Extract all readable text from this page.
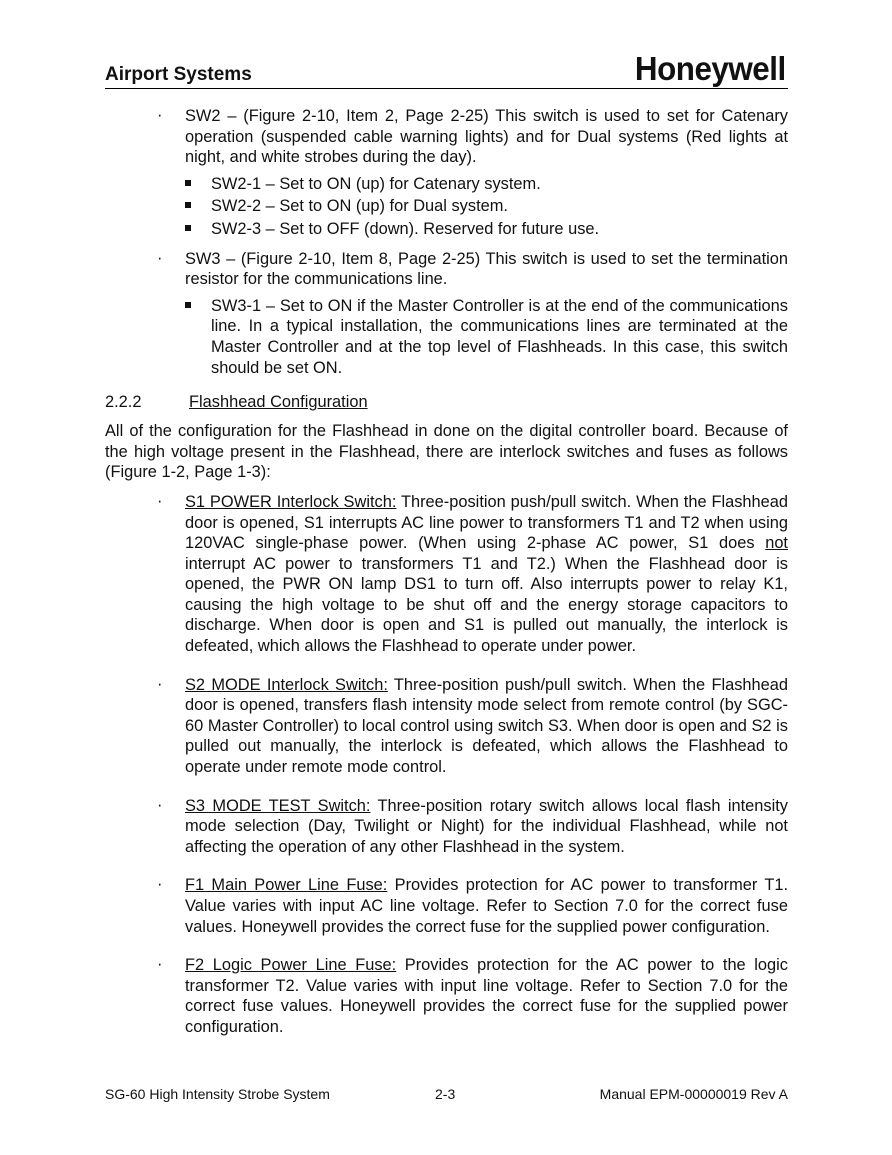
Airport Systems	Honeywell
· SW2 – (Figure 2-10, Item 2, Page 2-25) This switch is used to set for Catenary operation (suspended cable warning lights) and for Dual systems (Red lights at night, and white strobes during the day).
SW2-1 – Set to ON (up) for Catenary system.
SW2-2 – Set to ON (up) for Dual system.
SW2-3 – Set to OFF (down). Reserved for future use.
· SW3 – (Figure 2-10, Item 8, Page 2-25) This switch is used to set the termination resistor for the communications line.
SW3-1 – Set to ON if the Master Controller is at the end of the communications line. In a typical installation, the communications lines are terminated at the Master Controller and at the top level of Flashheads. In this case, this switch should be set ON.
2.2.2	Flashhead Configuration
All of the configuration for the Flashhead in done on the digital controller board. Because of the high voltage present in the Flashhead, there are interlock switches and fuses as follows (Figure 1-2, Page 1-3):
· S1 POWER Interlock Switch: Three-position push/pull switch. When the Flashhead door is opened, S1 interrupts AC line power to transformers T1 and T2 when using 120VAC single-phase power. (When using 2-phase AC power, S1 does not interrupt AC power to transformers T1 and T2.) When the Flashhead door is opened, the PWR ON lamp DS1 to turn off. Also interrupts power to relay K1, causing the high voltage to be shut off and the energy storage capacitors to discharge. When door is open and S1 is pulled out manually, the interlock is defeated, which allows the Flashhead to operate under power.
· S2 MODE Interlock Switch: Three-position push/pull switch. When the Flashhead door is opened, transfers flash intensity mode select from remote control (by SGC-60 Master Controller) to local control using switch S3. When door is open and S2 is pulled out manually, the interlock is defeated, which allows the Flashhead to operate under remote mode control.
· S3 MODE TEST Switch: Three-position rotary switch allows local flash intensity mode selection (Day, Twilight or Night) for the individual Flashhead, while not affecting the operation of any other Flashhead in the system.
· F1 Main Power Line Fuse: Provides protection for AC power to transformer T1. Value varies with input AC line voltage. Refer to Section 7.0 for the correct fuse values. Honeywell provides the correct fuse for the supplied power configuration.
· F2 Logic Power Line Fuse: Provides protection for the AC power to the logic transformer T2. Value varies with input line voltage. Refer to Section 7.0 for the correct fuse values. Honeywell provides the correct fuse for the supplied power configuration.
SG-60 High Intensity Strobe System	2-3	Manual EPM-00000019 Rev A
